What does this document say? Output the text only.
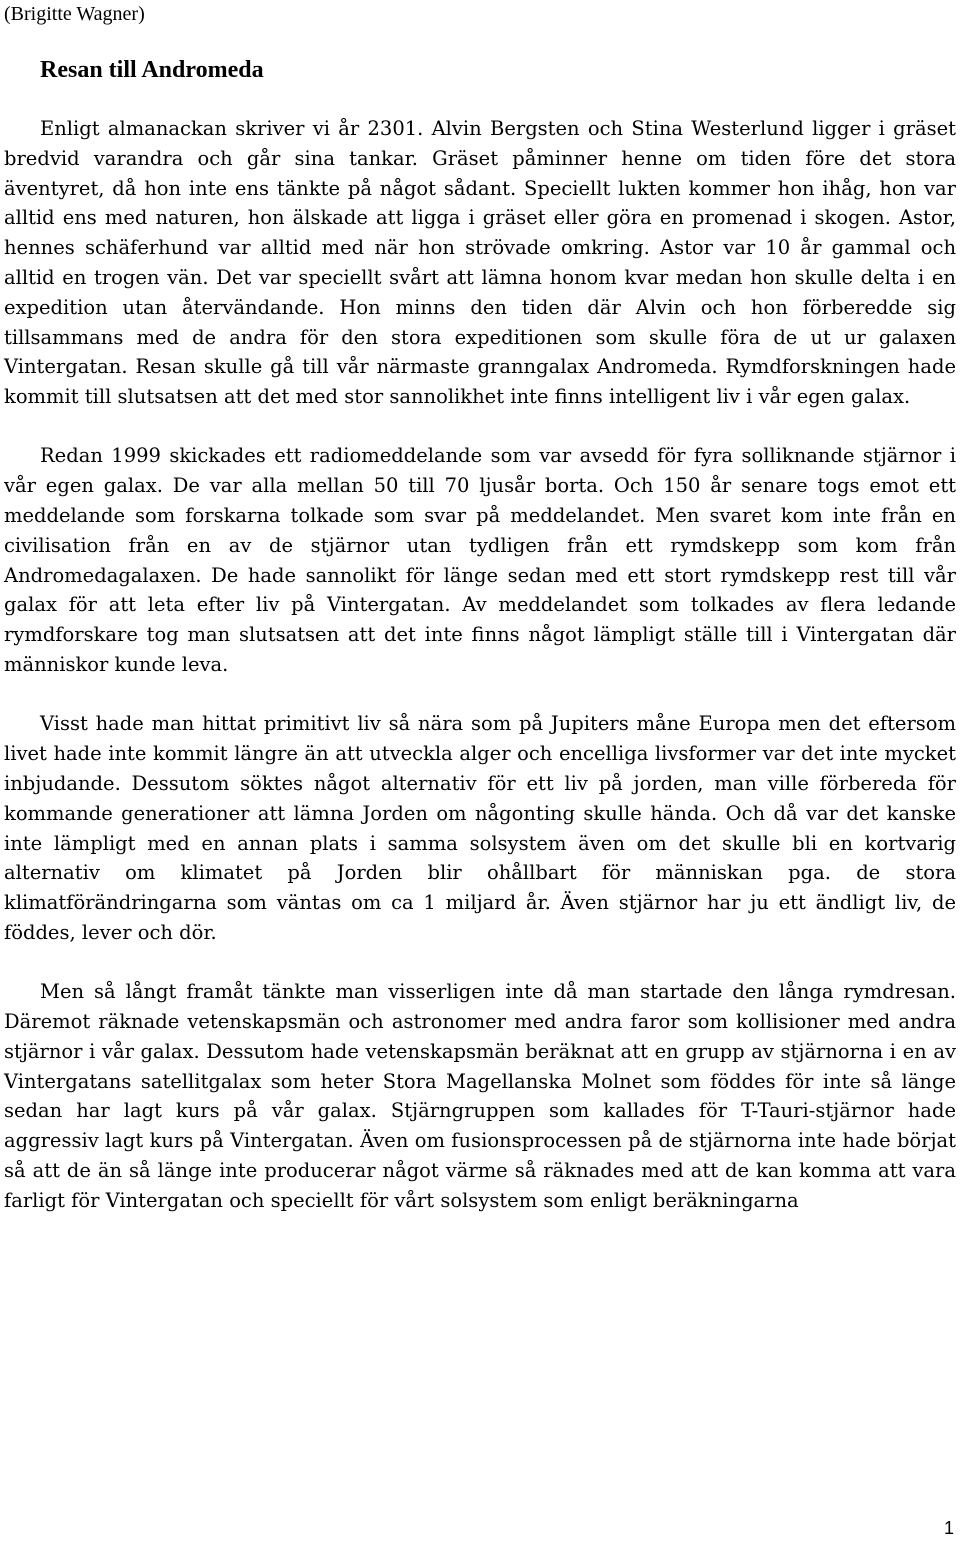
(Brigitte Wagner)

Resan till Andromeda

Enligt almanackan skriver vi år 2301. Alvin Bergsten och Stina Westerlund ligger i gräset bredvid varandra och går sina tankar. Gräset påminner henne om tiden före det stora äventyret, då hon inte ens tänkte på något sådant. Speciellt lukten kommer hon ihåg, hon var alltid ens med naturen, hon älskade att ligga i gräset eller göra en promenad i skogen. Astor, hennes schäferhund var alltid med när hon strövade omkring. Astor var 10 år gammal och alltid en trogen vän. Det var speciellt svårt att lämna honom kvar medan hon skulle delta i en expedition utan återvändande. Hon minns den tiden där Alvin och hon förberedde sig tillsammans med de andra för den stora expeditionen som skulle föra de ut ur galaxen Vintergatan. Resan skulle gå till vår närmaste granngalax Andromeda. Rymdforskningen hade kommit till slutsatsen att det med stor sannolikhet inte finns intelligent liv i vår egen galax.

Redan 1999 skickades ett radiomeddelande som var avsedd för fyra solliknande stjärnor i vår egen galax. De var alla mellan 50 till 70 ljusår borta. Och 150 år senare togs emot ett meddelande som forskarna tolkade som svar på meddelandet. Men svaret kom inte från en civilisation från en av de stjärnor utan tydligen från ett rymdskepp som kom från Andromedagalaxen. De hade sannolikt för länge sedan med ett stort rymdskepp rest till vår galax för att leta efter liv på Vintergatan. Av meddelandet som tolkades av flera ledande rymdforskare tog man slutsatsen att det inte finns något lämpligt ställe till i Vintergatan där människor kunde leva.

Visst hade man hittat primitivt liv så nära som på Jupiters måne Europa men det eftersom livet hade inte kommit längre än att utveckla alger och encelliga livsformer var det inte mycket inbjudande. Dessutom söktes något alternativ för ett liv på jorden, man ville förbereda för kommande generationer att lämna Jorden om någonting skulle hända. Och då var det kanske inte lämpligt med en annan plats i samma solsystem även om det skulle bli en kortvarig alternativ om klimatet på Jorden blir ohållbart för människan pga. de stora klimatförändringarna som väntas om ca 1 miljard år. Även stjärnor har ju ett ändligt liv, de föddes, lever och dör.

Men så långt framåt tänkte man visserligen inte då man startade den långa rymdresan. Däremot räknade vetenskapsmän och astronomer med andra faror som kollisioner med andra stjärnor i vår galax. Dessutom hade vetenskapsmän beräknat att en grupp av stjärnorna i en av Vintergatans satellitgalax som heter Stora Magellanska Molnet som föddes för inte så länge sedan har lagt kurs på vår galax. Stjärngruppen som kallades för T-Tauri-stjärnor hade aggressiv lagt kurs på Vintergatan. Även om fusionsprocessen på de stjärnorna inte hade börjat så att de än så länge inte producerar något värme så räknades med att de kan komma att vara farligt för Vintergatan och speciellt för vårt solsystem som enligt beräkningarna

1
